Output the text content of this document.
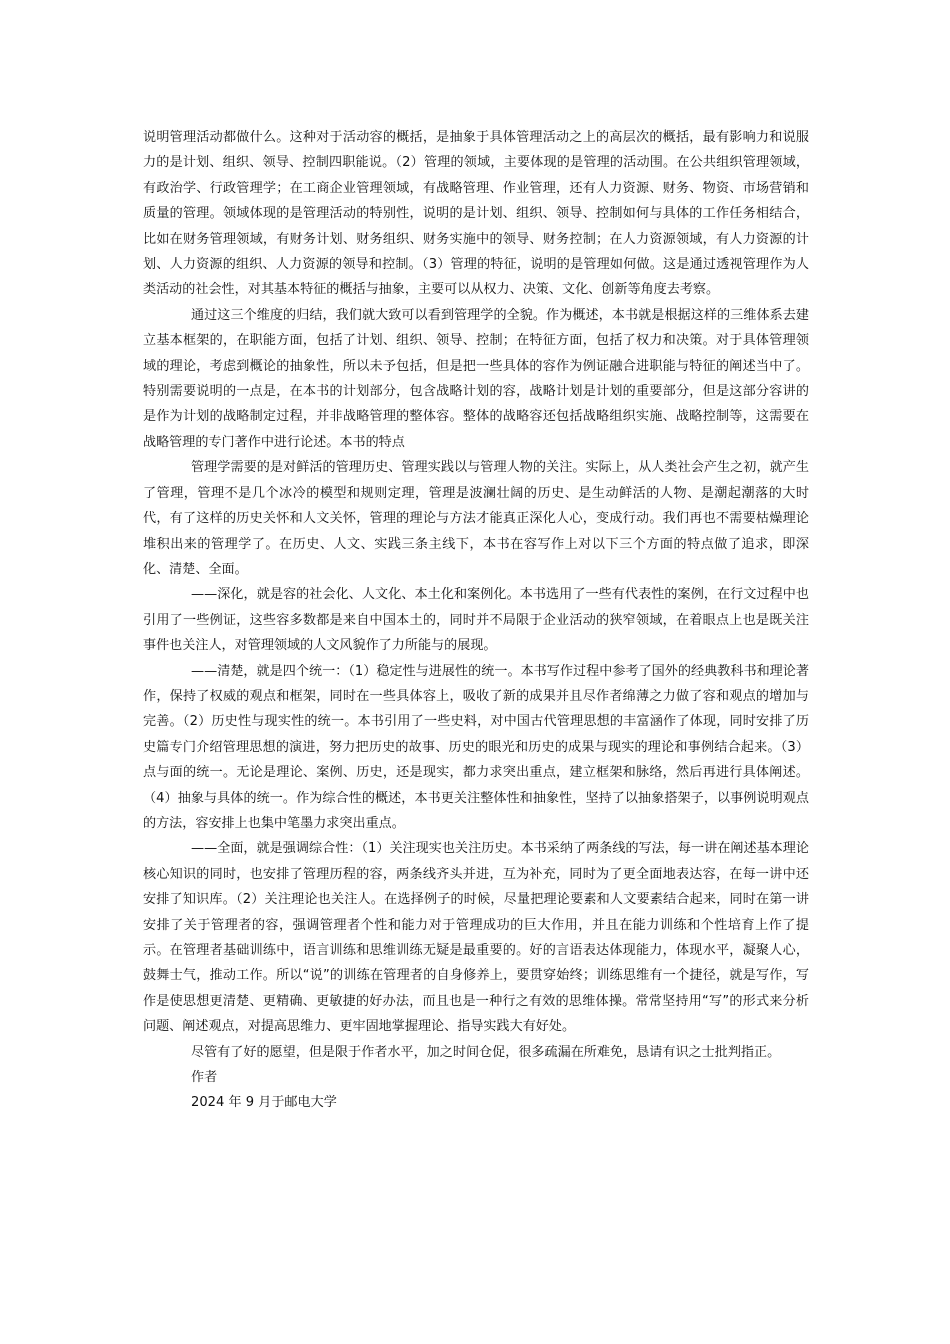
说明管理活动都做什么。这种对于活动容的概括，是抽象于具体管理活动之上的高层次的概括，最有影响力和说服力的是计划、组织、领导、控制四职能说。（2）管理的领域，主要体现的是管理的活动围。在公共组织管理领域，有政治学、行政管理学；在工商企业管理领域，有战略管理、作业管理，还有人力资源、财务、物资、市场营销和质量的管理。领域体现的是管理活动的特别性，说明的是计划、组织、领导、控制如何与具体的工作任务相结合，比如在财务管理领域，有财务计划、财务组织、财务实施中的领导、财务控制；在人力资源领域，有人力资源的计划、人力资源的组织、人力资源的领导和控制。（3）管理的特征，说明的是管理如何做。这是通过透视管理作为人类活动的社会性，对其基本特征的概括与抽象，主要可以从权力、决策、文化、创新等角度去考察。

通过这三个维度的归结，我们就大致可以看到管理学的全貌。作为概述，本书就是根据这样的三维体系去建立基本框架的，在职能方面，包括了计划、组织、领导、控制；在特征方面，包括了权力和决策。对于具体管理领域的理论，考虑到概论的抽象性，所以未予包括，但是把一些具体的容作为例证融合进职能与特征的阐述当中了。特别需要说明的一点是，在本书的计划部分，包含战略计划的容，战略计划是计划的重要部分，但是这部分容讲的是作为计划的战略制定过程，并非战略管理的整体容。整体的战略容还包括战略组织实施、战略控制等，这需要在战略管理的专门著作中进行论述。本书的特点

管理学需要的是对鲜活的管理历史、管理实践以与管理人物的关注。实际上，从人类社会产生之初，就产生了管理，管理不是几个冰冷的模型和规则定理，管理是波澜壮阔的历史、是生动鲜活的人物、是潮起潮落的大时代，有了这样的历史关怀和人文关怀，管理的理论与方法才能真正深化人心，变成行动。我们再也不需要枯燥理论堆积出来的管理学了。在历史、人文、实践三条主线下，本书在容写作上对以下三个方面的特点做了追求，即深化、清楚、全面。

——深化，就是容的社会化、人文化、本土化和案例化。本书选用了一些有代表性的案例，在行文过程中也引用了一些例证，这些容多数都是来自中国本土的，同时并不局限于企业活动的狭窄领域，在着眼点上也是既关注事件也关注人，对管理领域的人文风貌作了力所能与的展现。

——清楚，就是四个统一：（1）稳定性与进展性的统一。本书写作过程中参考了国外的经典教科书和理论著作，保持了权威的观点和框架，同时在一些具体容上，吸收了新的成果并且尽作者绵薄之力做了容和观点的增加与完善。（2）历史性与现实性的统一。本书引用了一些史料，对中国古代管理思想的丰富涵作了体现，同时安排了历史篇专门介绍管理思想的演进，努力把历史的故事、历史的眼光和历史的成果与现实的理论和事例结合起来。（3）点与面的统一。无论是理论、案例、历史，还是现实，都力求突出重点，建立框架和脉络，然后再进行具体阐述。（4）抽象与具体的统一。作为综合性的概述，本书更关注整体性和抽象性，坚持了以抽象搭架子，以事例说明观点的方法，容安排上也集中笔墨力求突出重点。

——全面，就是强调综合性：（1）关注现实也关注历史。本书采纳了两条线的写法，每一讲在阐述基本理论核心知识的同时，也安排了管理历程的容，两条线齐头并进，互为补充，同时为了更全面地表达容，在每一讲中还安排了知识库。（2）关注理论也关注人。在选择例子的时候，尽量把理论要素和人文要素结合起来，同时在第一讲安排了关于管理者的容，强调管理者个性和能力对于管理成功的巨大作用，并且在能力训练和个性培育上作了提示。在管理者基础训练中，语言训练和思维训练无疑是最重要的。好的言语表达体现能力，体现水平，凝聚人心，鼓舞士气，推动工作。所以“说”的训练在管理者的自身修养上，要贯穿始终；训练思维有一个捷径，就是写作，写作是使思想更清楚、更精确、更敏捷的好办法，而且也是一种行之有效的思维体操。常常坚持用“写”的形式来分析问题、阐述观点，对提高思维力、更牢固地掌握理论、指导实践大有好处。

尽管有了好的愿望，但是限于作者水平，加之时间仓促，很多疏漏在所难免，恳请有识之士批判指正。

作者

2024 年 9 月于邮电大学
